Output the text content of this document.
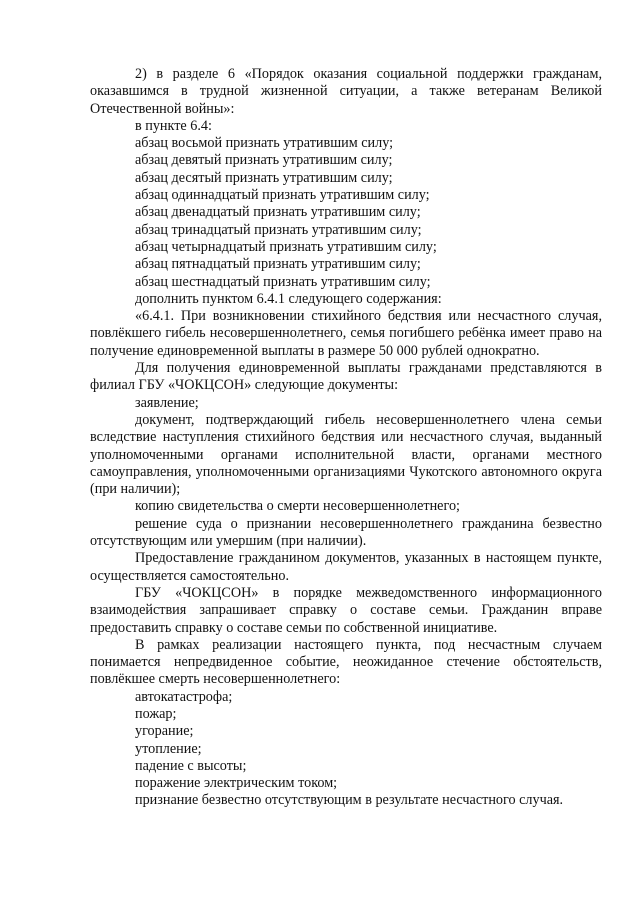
2) в разделе 6 «Порядок оказания социальной поддержки гражданам, оказавшимся в трудной жизненной ситуации, а также ветеранам Великой Отечественной войны»:

в пункте 6.4:

абзац восьмой признать утратившим силу;

абзац девятый признать утратившим силу;

абзац десятый признать утратившим силу;

абзац одиннадцатый признать утратившим силу;

абзац двенадцатый признать утратившим силу;

абзац тринадцатый признать утратившим силу;

абзац четырнадцатый признать утратившим силу;

абзац пятнадцатый признать утратившим силу;

абзац шестнадцатый признать утратившим силу;

дополнить пунктом 6.4.1 следующего содержания:

«6.4.1. При возникновении стихийного бедствия или несчастного случая, повлёкшего гибель несовершеннолетнего, семья погибшего ребёнка имеет право на получение единовременной выплаты в размере 50 000 рублей однократно.

Для получения единовременной выплаты гражданами представляются в филиал ГБУ «ЧОКЦСОН» следующие документы:

заявление;

документ, подтверждающий гибель несовершеннолетнего члена семьи вследствие наступления стихийного бедствия или несчастного случая, выданный уполномоченными органами исполнительной власти, органами местного самоуправления, уполномоченными организациями Чукотского автономного округа (при наличии);

копию свидетельства о смерти несовершеннолетнего;

решение суда о признании несовершеннолетнего гражданина безвестно отсутствующим или умершим (при наличии).

Предоставление гражданином документов, указанных в настоящем пункте, осуществляется самостоятельно.

ГБУ «ЧОКЦСОН» в порядке межведомственного информационного взаимодействия запрашивает справку о составе семьи. Гражданин вправе предоставить справку о составе семьи по собственной инициативе.

В рамках реализации настоящего пункта, под несчастным случаем понимается непредвиденное событие, неожиданное стечение обстоятельств, повлёкшее смерть несовершеннолетнего:

автокатастрофа;

пожар;

угорание;

утопление;

падение с высоты;

поражение электрическим током;

признание безвестно отсутствующим в результате несчастного случая.
